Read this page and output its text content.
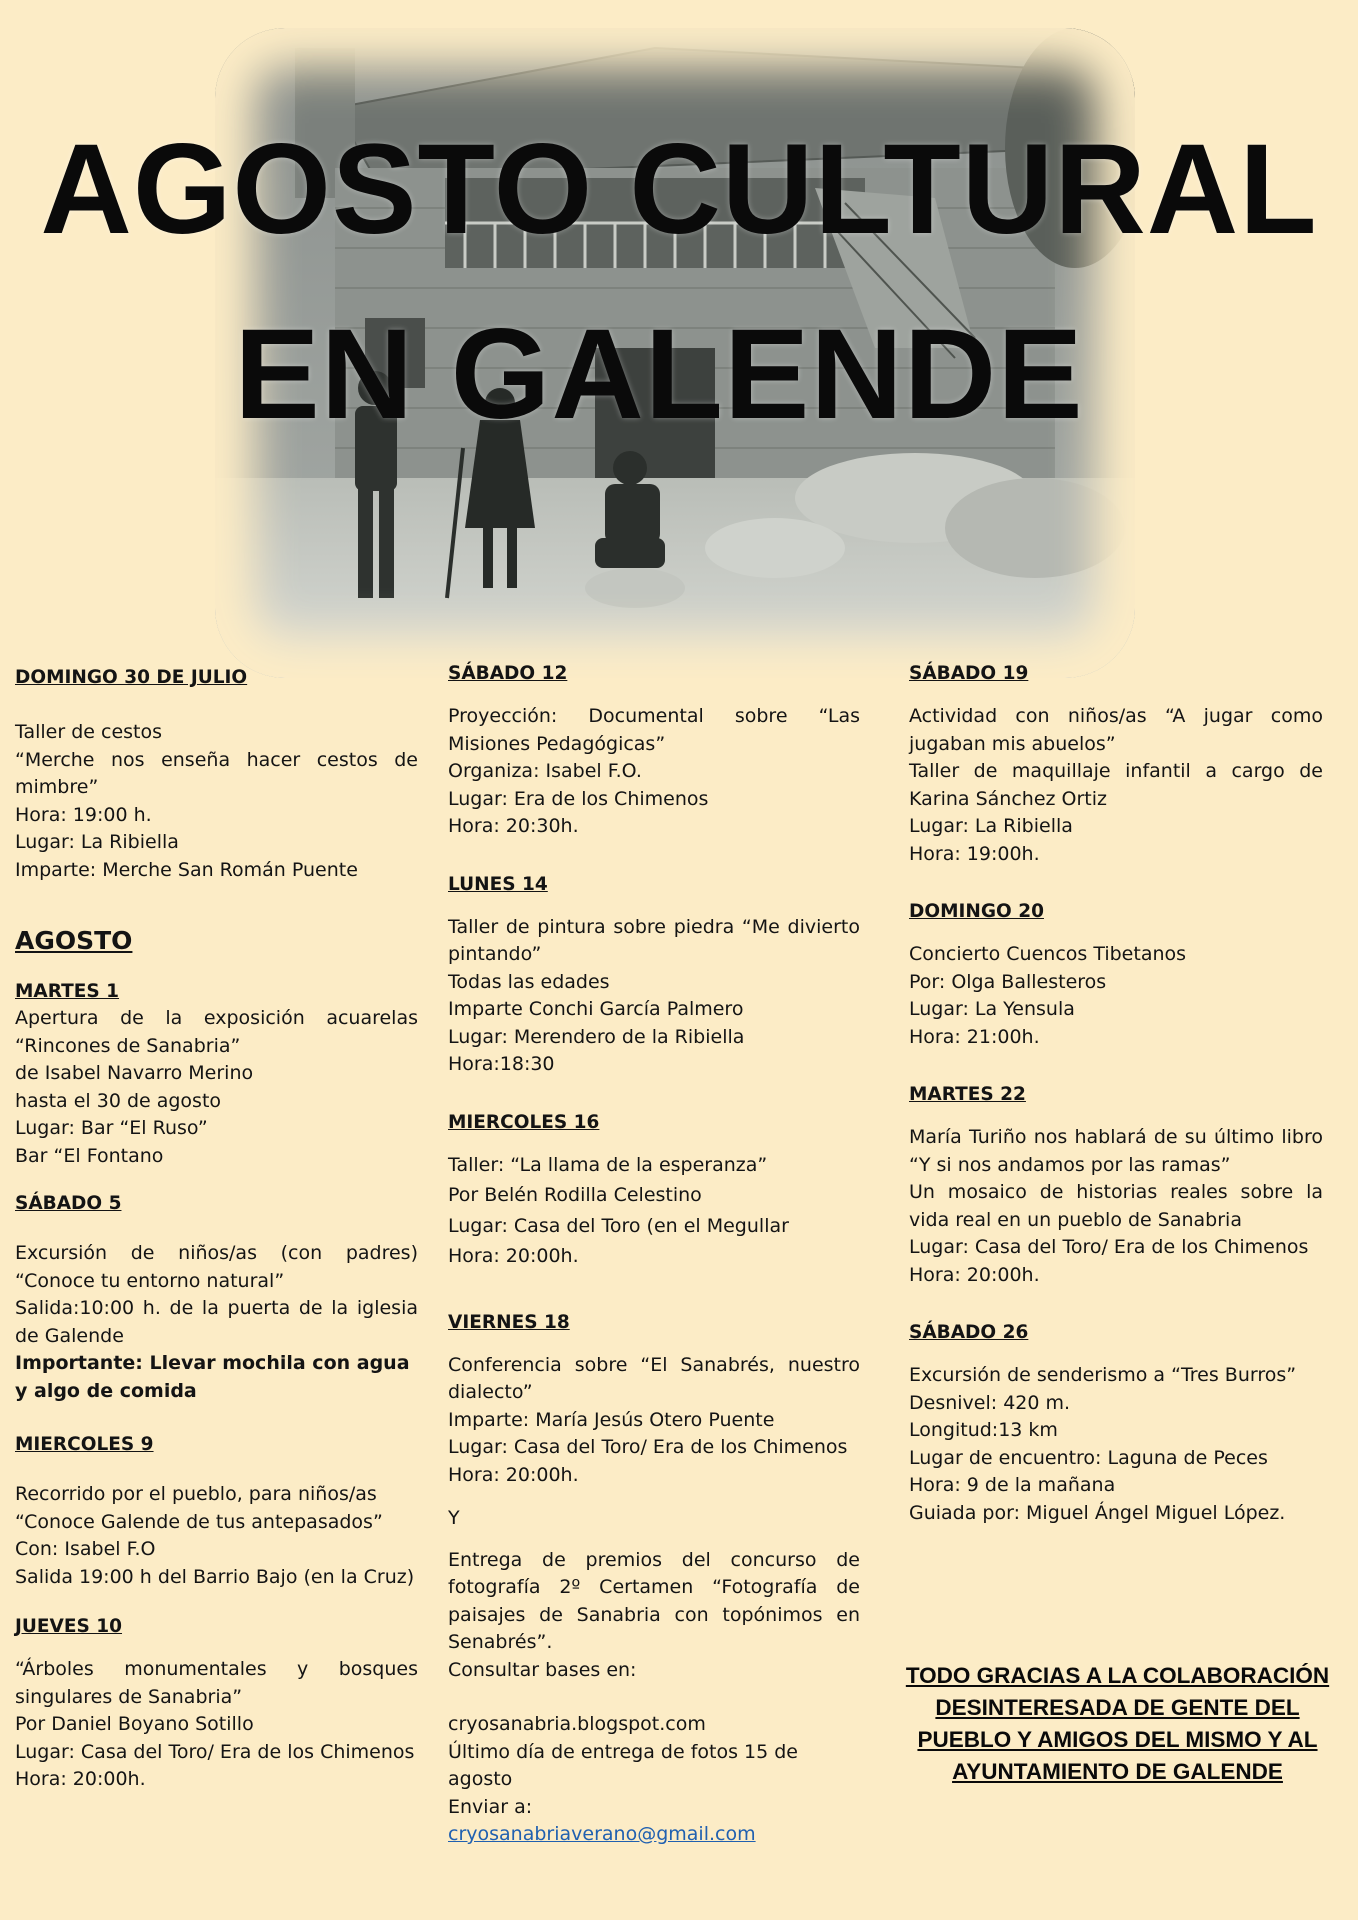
AGOSTO CULTURAL
EN GALENDE
DOMINGO 30 DE JULIO
Taller de cestos
“Merche nos enseña hacer cestos de mimbre”
Hora: 19:00 h.
Lugar: La Ribiella
Imparte: Merche San Román Puente
AGOSTO
MARTES 1
Apertura de la exposición acuarelas “Rincones de Sanabria”
de Isabel Navarro Merino
hasta el 30 de agosto
Lugar: Bar “El Ruso”
Bar “El Fontano
SÁBADO 5
Excursión de niños/as (con padres) “Conoce tu entorno natural”
Salida:10:00 h. de la puerta de la iglesia de Galende
Importante: Llevar mochila con agua y algo de comida
MIERCOLES 9
Recorrido por el pueblo, para niños/as
“Conoce Galende de tus antepasados”
Con: Isabel F.O
Salida 19:00 h del Barrio Bajo (en la Cruz)
JUEVES 10
“Árboles monumentales y bosques singulares de Sanabria”
Por Daniel Boyano Sotillo
Lugar: Casa del Toro/ Era de los Chimenos
Hora: 20:00h.
SÁBADO 12
Proyección: Documental sobre “Las Misiones Pedagógicas”
Organiza: Isabel F.O.
Lugar: Era de los Chimenos
Hora: 20:30h.
LUNES 14
Taller de pintura sobre piedra “Me divierto pintando”
Todas las edades
Imparte Conchi García Palmero
Lugar: Merendero de la Ribiella
Hora:18:30
MIERCOLES 16
Taller: “La llama de la esperanza”
Por Belén Rodilla Celestino
Lugar: Casa del Toro (en el Megullar
Hora: 20:00h.
VIERNES 18
Conferencia sobre “El Sanabrés, nuestro dialecto”
Imparte: María Jesús Otero Puente
Lugar: Casa del Toro/ Era de los Chimenos
Hora: 20:00h.
Y
Entrega de premios del concurso de fotografía 2º Certamen “Fotografía de paisajes de Sanabria con topónimos en Senabrés”.
Consultar bases en:
cryosanabria.blogspot.com
Último día de entrega de fotos 15 de agosto
Enviar a:
cryosanabriaverano@gmail.com
SÁBADO 19
Actividad con niños/as “A jugar como jugaban mis abuelos”
Taller de maquillaje infantil a cargo de Karina Sánchez Ortiz
Lugar: La Ribiella
Hora: 19:00h.
DOMINGO 20
Concierto Cuencos Tibetanos
Por: Olga Ballesteros
Lugar: La Yensula
Hora: 21:00h.
MARTES 22
María Turiño nos hablará de su último libro “Y si nos andamos por las ramas”
Un mosaico de historias reales sobre la vida real en un pueblo de Sanabria
Lugar: Casa del Toro/ Era de los Chimenos
Hora: 20:00h.
SÁBADO 26
Excursión de senderismo a “Tres Burros”
Desnivel: 420 m.
Longitud:13 km
Lugar de encuentro: Laguna de Peces
Hora: 9 de la mañana
Guiada por: Miguel Ángel Miguel López.
TODO GRACIAS A LA COLABORACIÓN DESINTERESADA DE GENTE DEL PUEBLO Y AMIGOS DEL MISMO Y AL AYUNTAMIENTO DE GALENDE
